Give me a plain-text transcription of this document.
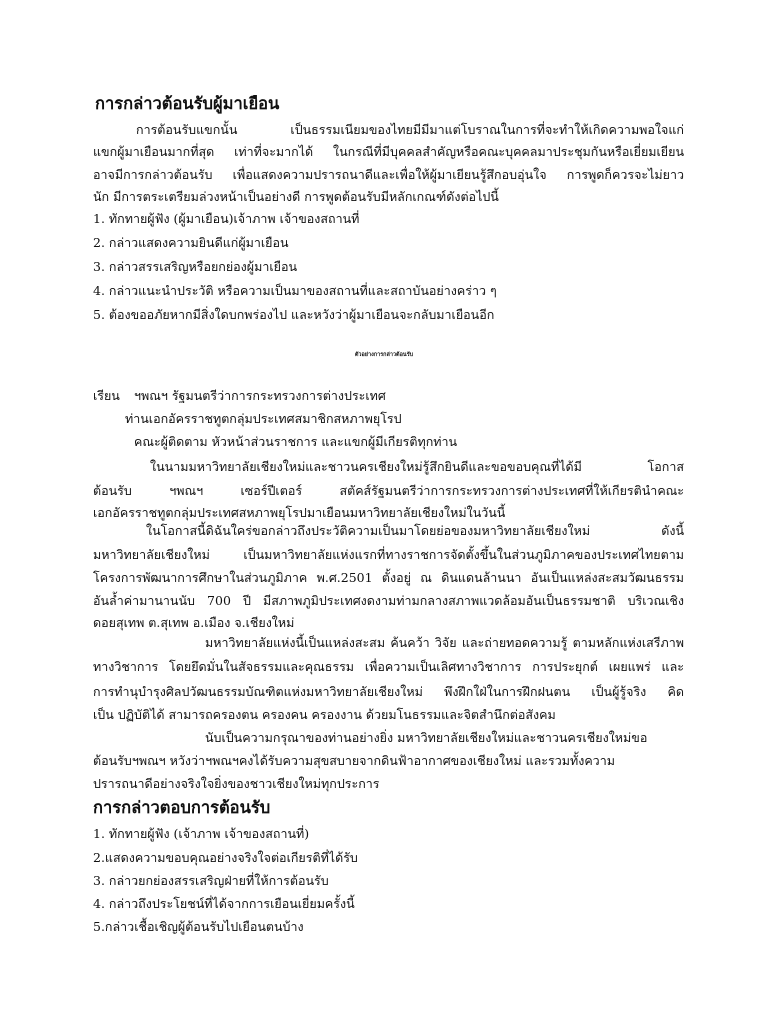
การกล่าวต้อนรับผู้มาเยือน
การต้อนรับแขกนั้น เป็นธรรมเนียมของไทยมีมีมาแต่โบราณในการที่จะทำให้เกิดความพอใจแก่
แขกผู้มาเยือนมากที่สุด เท่าที่จะมากได้ ในกรณีที่มีบุคคลสำคัญหรือคณะบุคคลมาประชุมกันหรือเยี่ยมเยียน
อาจมีการกล่าวต้อนรับ เพื่อแสดงความปรารถนาดีและเพื่อให้ผู้มาเยียนรู้สึกอบอุ่นใจ การพูดก็ควรจะไม่ยาว
นัก มีการตระเตรียมล่วงหน้าเป็นอย่างดี การพูดต้อนรับมีหลักเกณฑ์ดังต่อไปนี้
1. ทักทายผู้ฟัง (ผู้มาเยือน)เจ้าภาพ เจ้าของสถานที่
2. กล่าวแสดงความยินดีแก่ผู้มาเยือน
3. กล่าวสรรเสริญหรือยกย่องผู้มาเยือน
4. กล่าวแนะนำประวัติ หรือความเป็นมาของสถานที่และสถาบันอย่างคร่าว ๆ
5. ต้องขออภัยหากมีสิ่งใดบกพร่องไป และหวังว่าผู้มาเยือนจะกลับมาเยือนอีก
ตัวอย่างการกล่าวต้อนรับ
เรียน ฯพณฯ รัฐมนตรีว่าการกระทรวงการต่างประเทศ
ท่านเอกอัครราชทูตกลุ่มประเทศสมาชิกสหภาพยุโรป
คณะผู้ติดตาม หัวหน้าส่วนราชการ และแขกผู้มีเกียรติทุกท่าน
ในนามมหาวิทยาลัยเชียงใหม่และชาวนครเชียงใหม่รู้สึกยินดีและขอขอบคุณที่ได้มี โอกาส
ต้อนรับ ฯพณฯ เซอร์ปีเตอร์ สตัคส์รัฐมนตรีว่าการกระทรวงการต่างประเทศที่ให้เกียรตินำคณะ
เอกอัครราชทูตกลุ่มประเทศสหภาพยุโรปมาเยือนมหาวิทยาลัยเชียงใหม่ในวันนี้
ในโอกาสนี้ดิฉันใคร่ขอกล่าวถึงประวัติความเป็นมาโดยย่อของมหาวิทยาลัยเชียงใหม่ ดังนี้
มหาวิทยาลัยเชียงใหม่ เป็นมหาวิทยาลัยแห่งแรกที่ทางราชการจัดตั้งขึ้นในส่วนภูมิภาคของประเทศไทยตาม
โครงการพัฒนาการศึกษาในส่วนภูมิภาค พ.ศ.2501 ตั้งอยู่ ณ ดินแดนล้านนา อันเป็นแหล่งสะสมวัฒนธรรม
อันล้ำค่ามานานนับ 700 ปี มีสภาพภูมิประเทศงดงามท่ามกลางสภาพแวดล้อมอันเป็นธรรมชาติ บริเวณเชิง
ดอยสุเทพ ต.สุเทพ อ.เมือง จ.เชียงใหม่
มหาวิทยาลัยแห่งนี้เป็นแหล่งสะสม ค้นคว้า วิจัย และถ่ายทอดความรู้ ตามหลักแห่งเสรีภาพ
ทางวิชาการ โดยยึดมั่นในสัจธรรมและคุณธรรม เพื่อความเป็นเลิศทางวิชาการ การประยุกต์ เผยแพร่ และ
การทำนุบำรุงศิลปวัฒนธรรมบัณฑิตแห่งมหาวิทยาลัยเชียงใหม่ พึงฝึกใฝ่ในการฝึกฝนตน เป็นผู้รู้จริง คิด
เป็น ปฏิบัติได้ สามารถครองตน ครองคน ครองงาน ด้วยมโนธรรมและจิตสำนึกต่อสังคม
นับเป็นความกรุณาของท่านอย่างยิ่ง มหาวิทยาลัยเชียงใหม่และชาวนครเชียงใหม่ขอ
ต้อนรับฯพณฯ หวังว่าฯพณฯคงได้รับความสุขสบายจากดินฟ้าอากาศของเชียงใหม่ และรวมทั้งความ
ปรารถนาดีอย่างจริงใจยิ่งของชาวเชียงใหม่ทุกประการ
การกล่าวตอบการต้อนรับ
1. ทักทายผู้ฟัง (เจ้าภาพ เจ้าของสถานที่)
2.แสดงความขอบคุณอย่างจริงใจต่อเกียรติที่ได้รับ
3. กล่าวยกย่องสรรเสริญฝ่ายที่ให้การต้อนรับ
4. กล่าวถึงประโยชน์ที่ได้จากการเยือนเยี่ยมครั้งนี้
5.กล่าวเชื้อเชิญผู้ต้อนรับไปเยือนตนบ้าง
